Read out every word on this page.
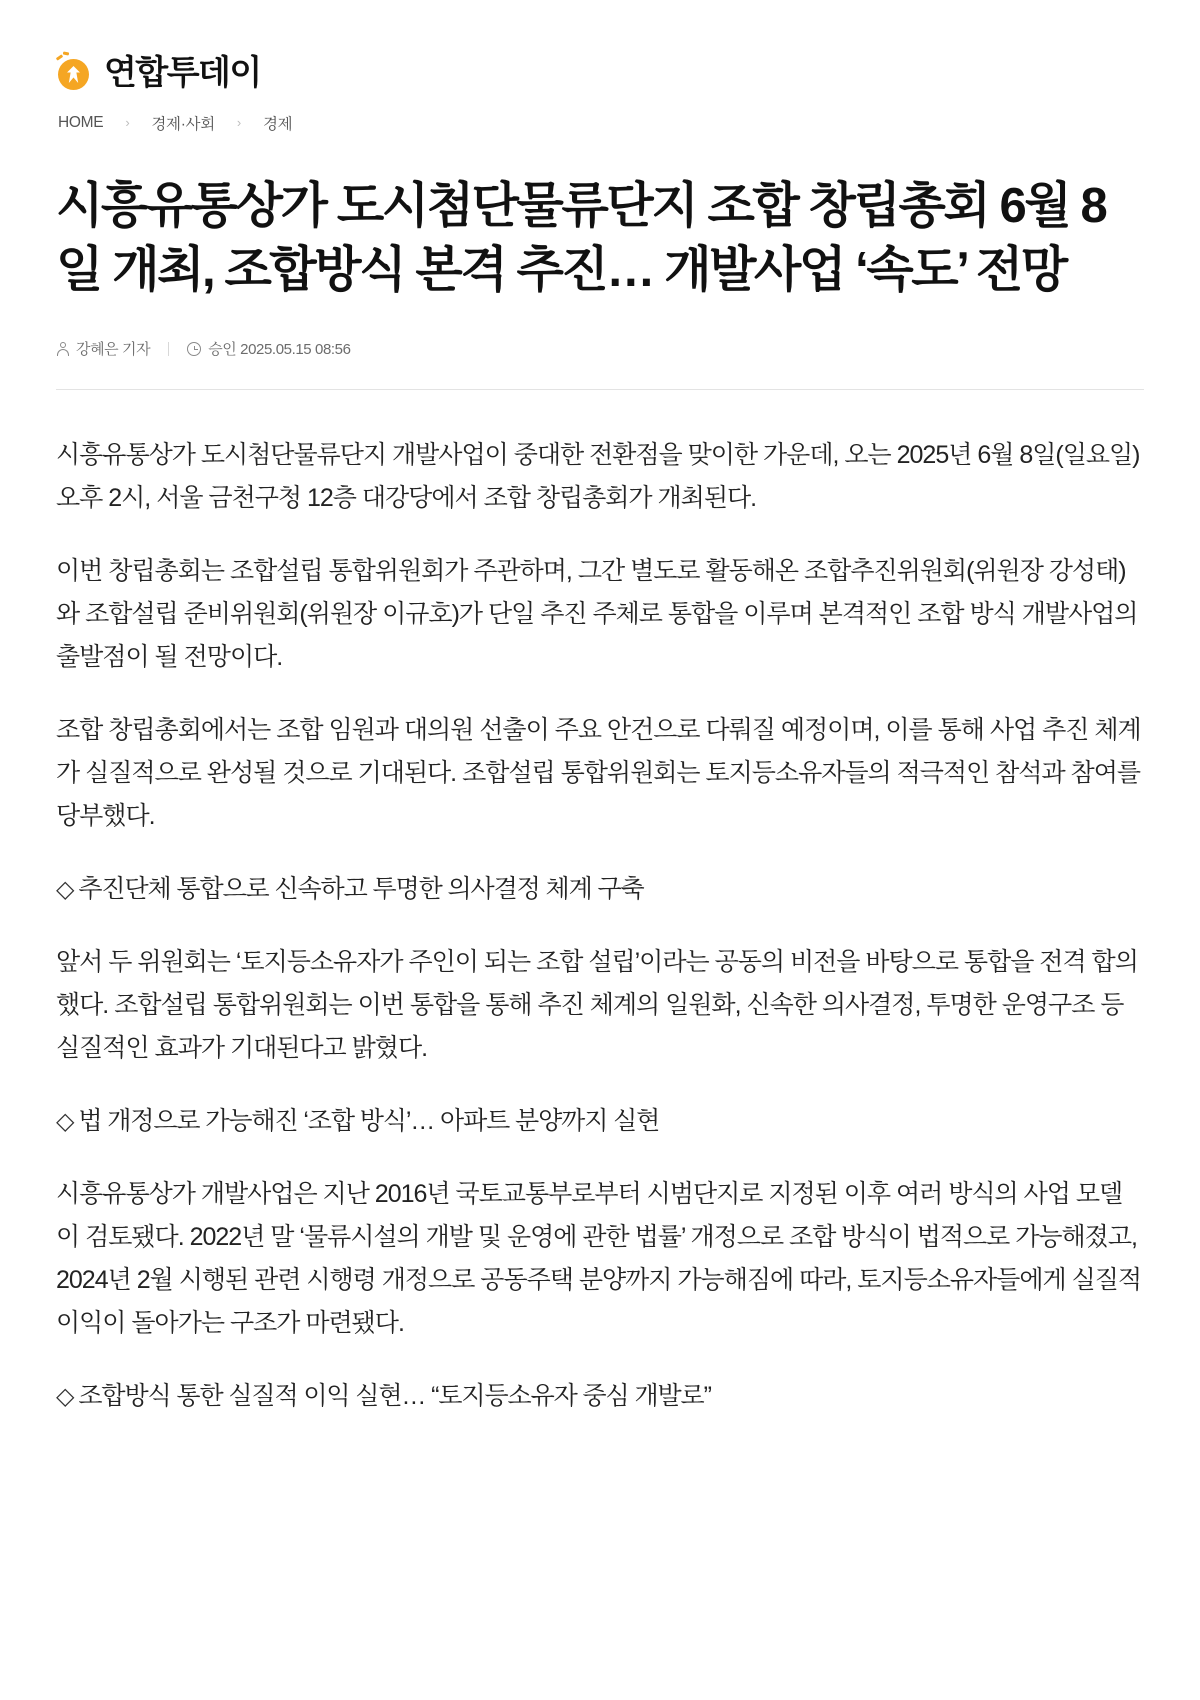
연합투데이
HOME	›	경제·사회	›	경제
시흥유통상가 도시첨단물류단지 조합 창립총회 6월 8일 개최, 조합방식 본격 추진… 개발사업 ‘속도’ 전망
강혜은 기자	승인 2025.05.15 08:56

시흥유통상가 도시첨단물류단지 개발사업이 중대한 전환점을 맞이한 가운데, 오는 2025년 6월 8일(일요일) 오후 2시, 서울 금천구청 12층 대강당에서 조합 창립총회가 개최된다.

이번 창립총회는 조합설립 통합위원회가 주관하며, 그간 별도로 활동해온 조합추진위원회(위원장 강성태)와 조합설립 준비위원회(위원장 이규호)가 단일 추진 주체로 통합을 이루며 본격적인 조합 방식 개발사업의 출발점이 될 전망이다.

조합 창립총회에서는 조합 임원과 대의원 선출이 주요 안건으로 다뤄질 예정이며, 이를 통해 사업 추진 체계가 실질적으로 완성될 것으로 기대된다. 조합설립 통합위원회는 토지등소유자들의 적극적인 참석과 참여를 당부했다.

◇ 추진단체 통합으로 신속하고 투명한 의사결정 체계 구축

앞서 두 위원회는 ‘토지등소유자가 주인이 되는 조합 설립’이라는 공동의 비전을 바탕으로 통합을 전격 합의했다. 조합설립 통합위원회는 이번 통합을 통해 추진 체계의 일원화, 신속한 의사결정, 투명한 운영구조 등 실질적인 효과가 기대된다고 밝혔다.

◇ 법 개정으로 가능해진 ‘조합 방식’… 아파트 분양까지 실현

시흥유통상가 개발사업은 지난 2016년 국토교통부로부터 시범단지로 지정된 이후 여러 방식의 사업 모델이 검토됐다. 2022년 말 ‘물류시설의 개발 및 운영에 관한 법률’ 개정으로 조합 방식이 법적으로 가능해졌고, 2024년 2월 시행된 관련 시행령 개정으로 공동주택 분양까지 가능해짐에 따라, 토지등소유자들에게 실질적 이익이 돌아가는 구조가 마련됐다.

◇ 조합방식 통한 실질적 이익 실현… “토지등소유자 중심 개발로”
